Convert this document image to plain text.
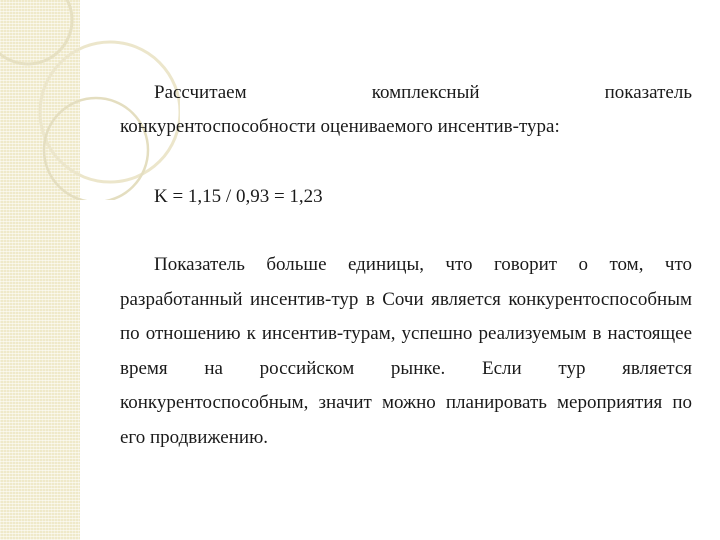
Рассчитаем	комплексный	показатель
конкурентоспособности оцениваемого инсентив-тура:
K = 1,15 / 0,93 = 1,23
Показатель больше единицы, что говорит о том, что разработанный инсентив-тур в Сочи является конкурентоспособным по отношению к инсентив-турам, успешно реализуемым в настоящее время на российском рынке. Если тур является конкурентоспособным, значит можно планировать мероприятия по его продвижению.
